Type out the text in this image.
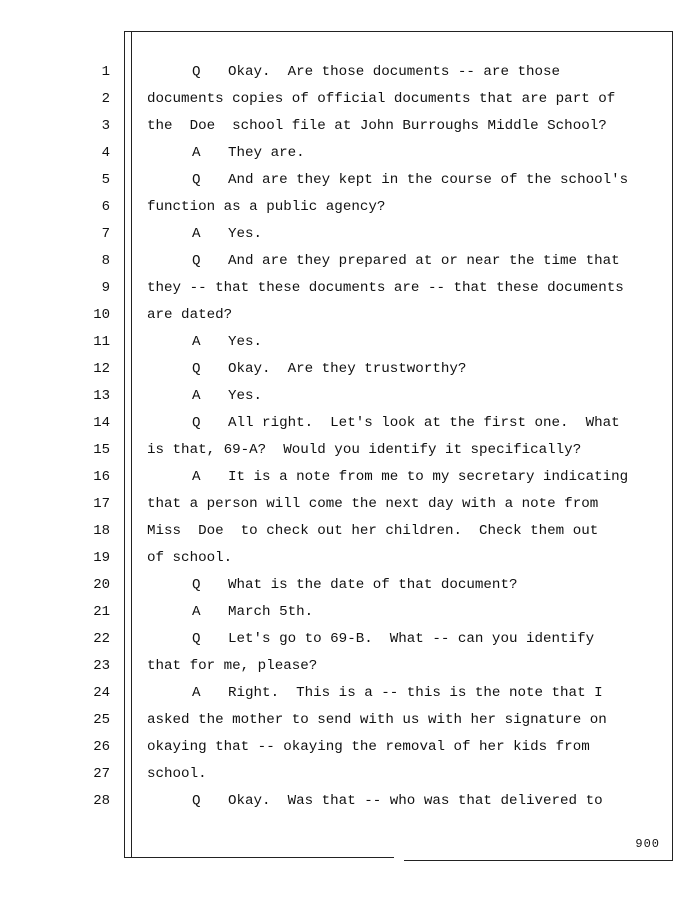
1
2
3
4
5
6
7
8
9
10
11
12
13
14
15
16
17
18
19
20
21
22
23
24
25
26
27
28
Q Okay.  Are those documents -- are those
documents copies of official documents that are part of
the  Doe  school file at John Burroughs Middle School?
A They are.
Q And are they kept in the course of the school's
function as a public agency?
A Yes.
Q And are they prepared at or near the time that
they -- that these documents are -- that these documents
are dated?
A Yes.
Q Okay.  Are they trustworthy?
A Yes.
Q All right.  Let's look at the first one.  What
is that, 69-A?  Would you identify it specifically?
A It is a note from me to my secretary indicating
that a person will come the next day with a note from
Miss  Doe  to check out her children.  Check them out
of school.
Q What is the date of that document?
A March 5th.
Q Let's go to 69-B.  What -- can you identify
that for me, please?
A Right.  This is a -- this is the note that I
asked the mother to send with us with her signature on
okaying that -- okaying the removal of her kids from
school.
Q Okay.  Was that -- who was that delivered to
900
